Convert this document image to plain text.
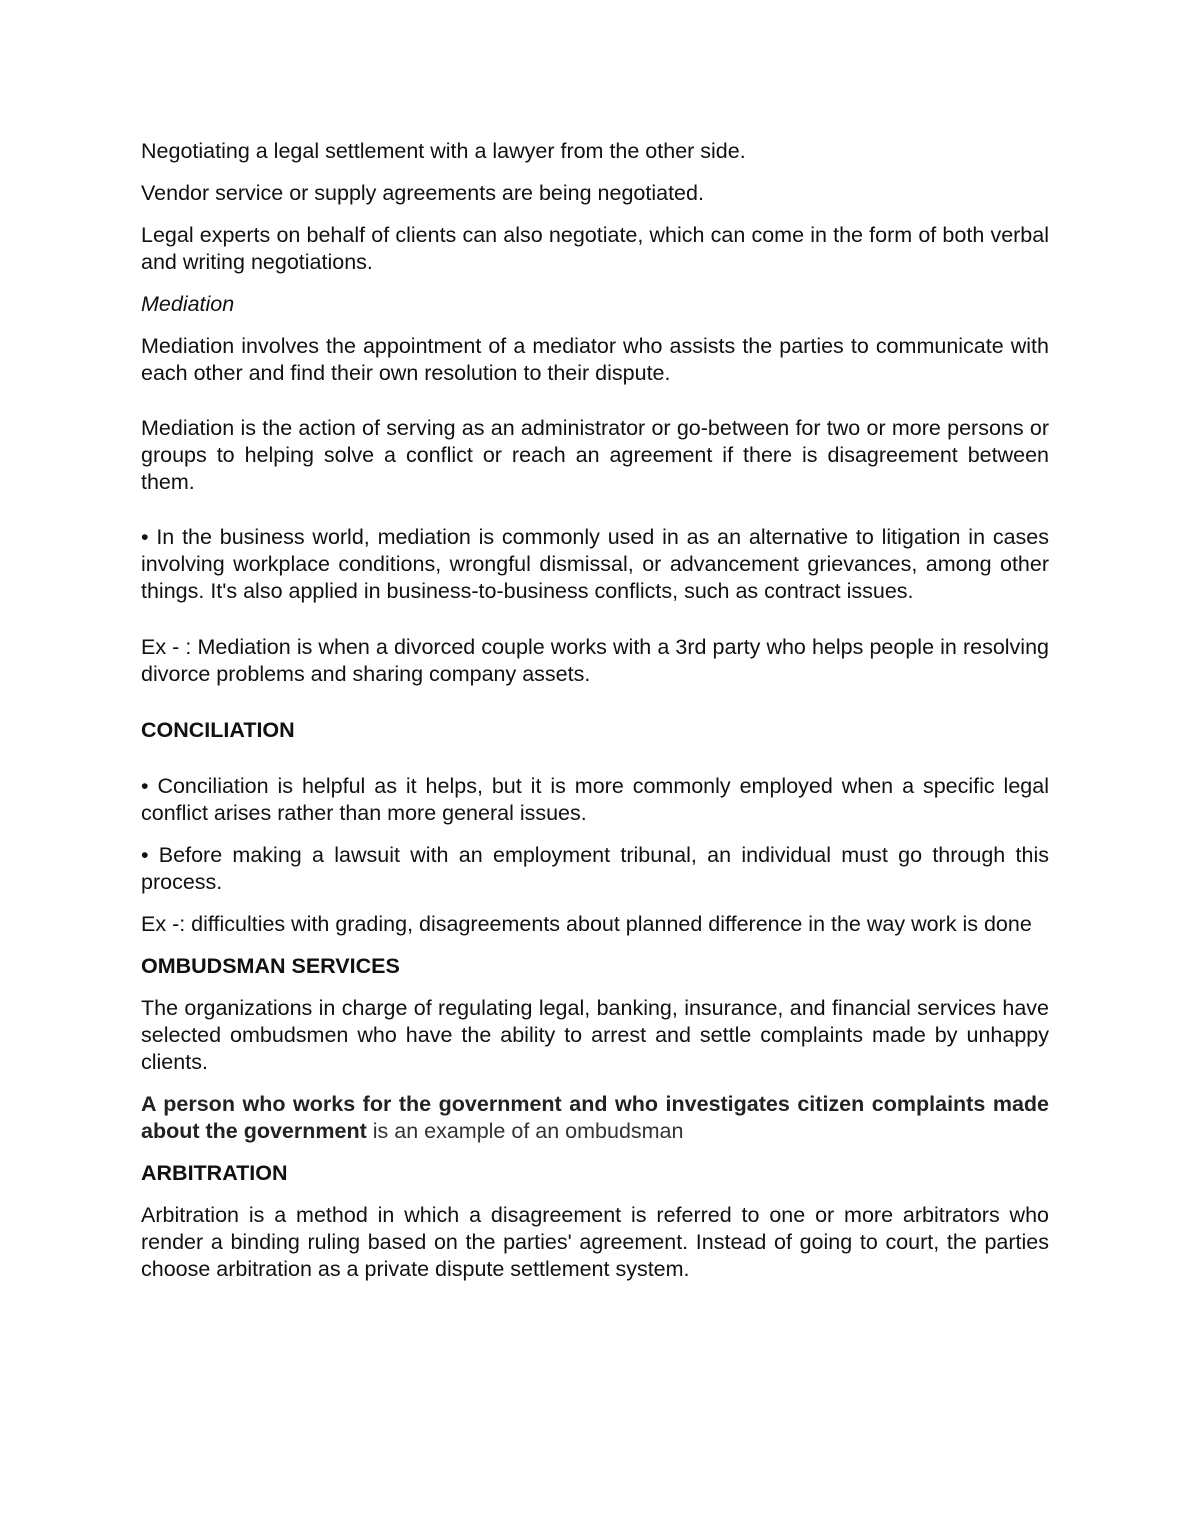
Negotiating a legal settlement with a lawyer from the other side.

Vendor service or supply agreements are being negotiated.

Legal experts on behalf of clients can also negotiate, which can come in the form of both verbal and writing negotiations.

Mediation

Mediation involves the appointment of a mediator who assists the parties to communicate with each other and find their own resolution to their dispute.

Mediation is the action of serving as an administrator or go-between for two or more persons or groups to helping solve a conflict or reach an agreement if there is disagreement between them.

• In the business world, mediation is commonly used in as an alternative to litigation in cases involving workplace conditions, wrongful dismissal, or advancement grievances, among other things. It's also applied in business-to-business conflicts, such as contract issues.

Ex - : Mediation is when a divorced couple works with a 3rd party who helps people in resolving divorce problems and sharing company assets.

CONCILIATION

• Conciliation is helpful as it helps, but it is more commonly employed when a specific legal conflict arises rather than more general issues.

• Before making a lawsuit with an employment tribunal, an individual must go through this process.

Ex -: difficulties with grading, disagreements about planned difference in the way work is done

OMBUDSMAN SERVICES

The organizations in charge of regulating legal, banking, insurance, and financial services have selected ombudsmen who have the ability to arrest and settle complaints made by unhappy clients.

A person who works for the government and who investigates citizen complaints made about the government is an example of an ombudsman

ARBITRATION

Arbitration is a method in which a disagreement is referred to one or more arbitrators who render a binding ruling based on the parties' agreement. Instead of going to court, the parties choose arbitration as a private dispute settlement system.
